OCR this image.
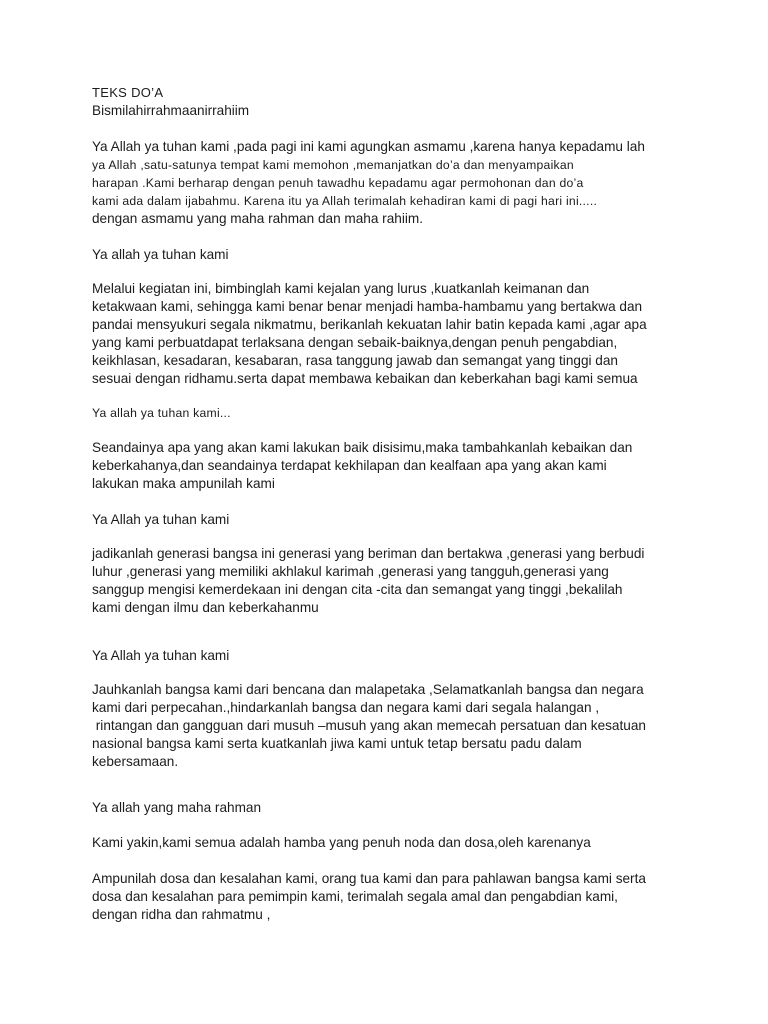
TEKS DO’A

Bismilahirrahmaanirrahiim

Ya Allah ya tuhan kami ,pada pagi ini kami agungkan asmamu ,karena hanya kepadamu lah

ya Allah ,satu-satunya tempat kami memohon ,memanjatkan do’a dan menyampaikan

harapan .Kami berharap dengan penuh tawadhu kepadamu agar permohonan dan do’a

kami ada dalam ijabahmu. Karena itu ya Allah terimalah kehadiran kami di pagi hari ini.....

dengan asmamu yang maha rahman dan maha rahiim.

Ya allah ya tuhan kami

Melalui kegiatan ini, bimbinglah kami kejalan yang lurus ,kuatkanlah keimanan dan

ketakwaan kami, sehingga kami benar benar menjadi hamba-hambamu yang bertakwa dan

pandai mensyukuri segala nikmatmu, berikanlah kekuatan lahir batin kepada kami ,agar apa

yang kami perbuatdapat terlaksana dengan sebaik-baiknya,dengan penuh pengabdian,

keikhlasan, kesadaran, kesabaran, rasa tanggung jawab dan semangat yang tinggi dan

sesuai dengan ridhamu.serta dapat membawa kebaikan dan keberkahan bagi kami semua

Ya allah ya tuhan kami...

Seandainya apa yang akan kami lakukan baik disisimu,maka tambahkanlah kebaikan dan

keberkahanya,dan seandainya terdapat kekhilapan dan kealfaan apa yang akan kami

lakukan maka ampunilah kami

Ya Allah ya tuhan kami

jadikanlah generasi bangsa ini generasi yang beriman dan bertakwa ,generasi yang berbudi

luhur ,generasi yang memiliki akhlakul karimah ,generasi yang tangguh,generasi yang

sanggup mengisi kemerdekaan ini dengan cita -cita dan semangat yang tinggi ,bekalilah

kami dengan ilmu dan keberkahanmu

Ya Allah ya tuhan kami

Jauhkanlah bangsa kami dari bencana dan malapetaka ,Selamatkanlah bangsa dan negara

kami dari perpecahan.,hindarkanlah bangsa dan negara kami dari segala halangan ,

rintangan dan gangguan dari musuh –musuh yang akan memecah persatuan dan kesatuan

nasional bangsa kami serta kuatkanlah jiwa kami untuk tetap bersatu padu dalam

kebersamaan.

Ya allah yang maha rahman

Kami yakin,kami semua adalah hamba yang penuh noda dan dosa,oleh karenanya

Ampunilah dosa dan kesalahan kami, orang tua kami dan para pahlawan bangsa kami serta

dosa dan kesalahan para pemimpin kami, terimalah segala amal dan pengabdian kami,

dengan ridha dan rahmatmu ,
